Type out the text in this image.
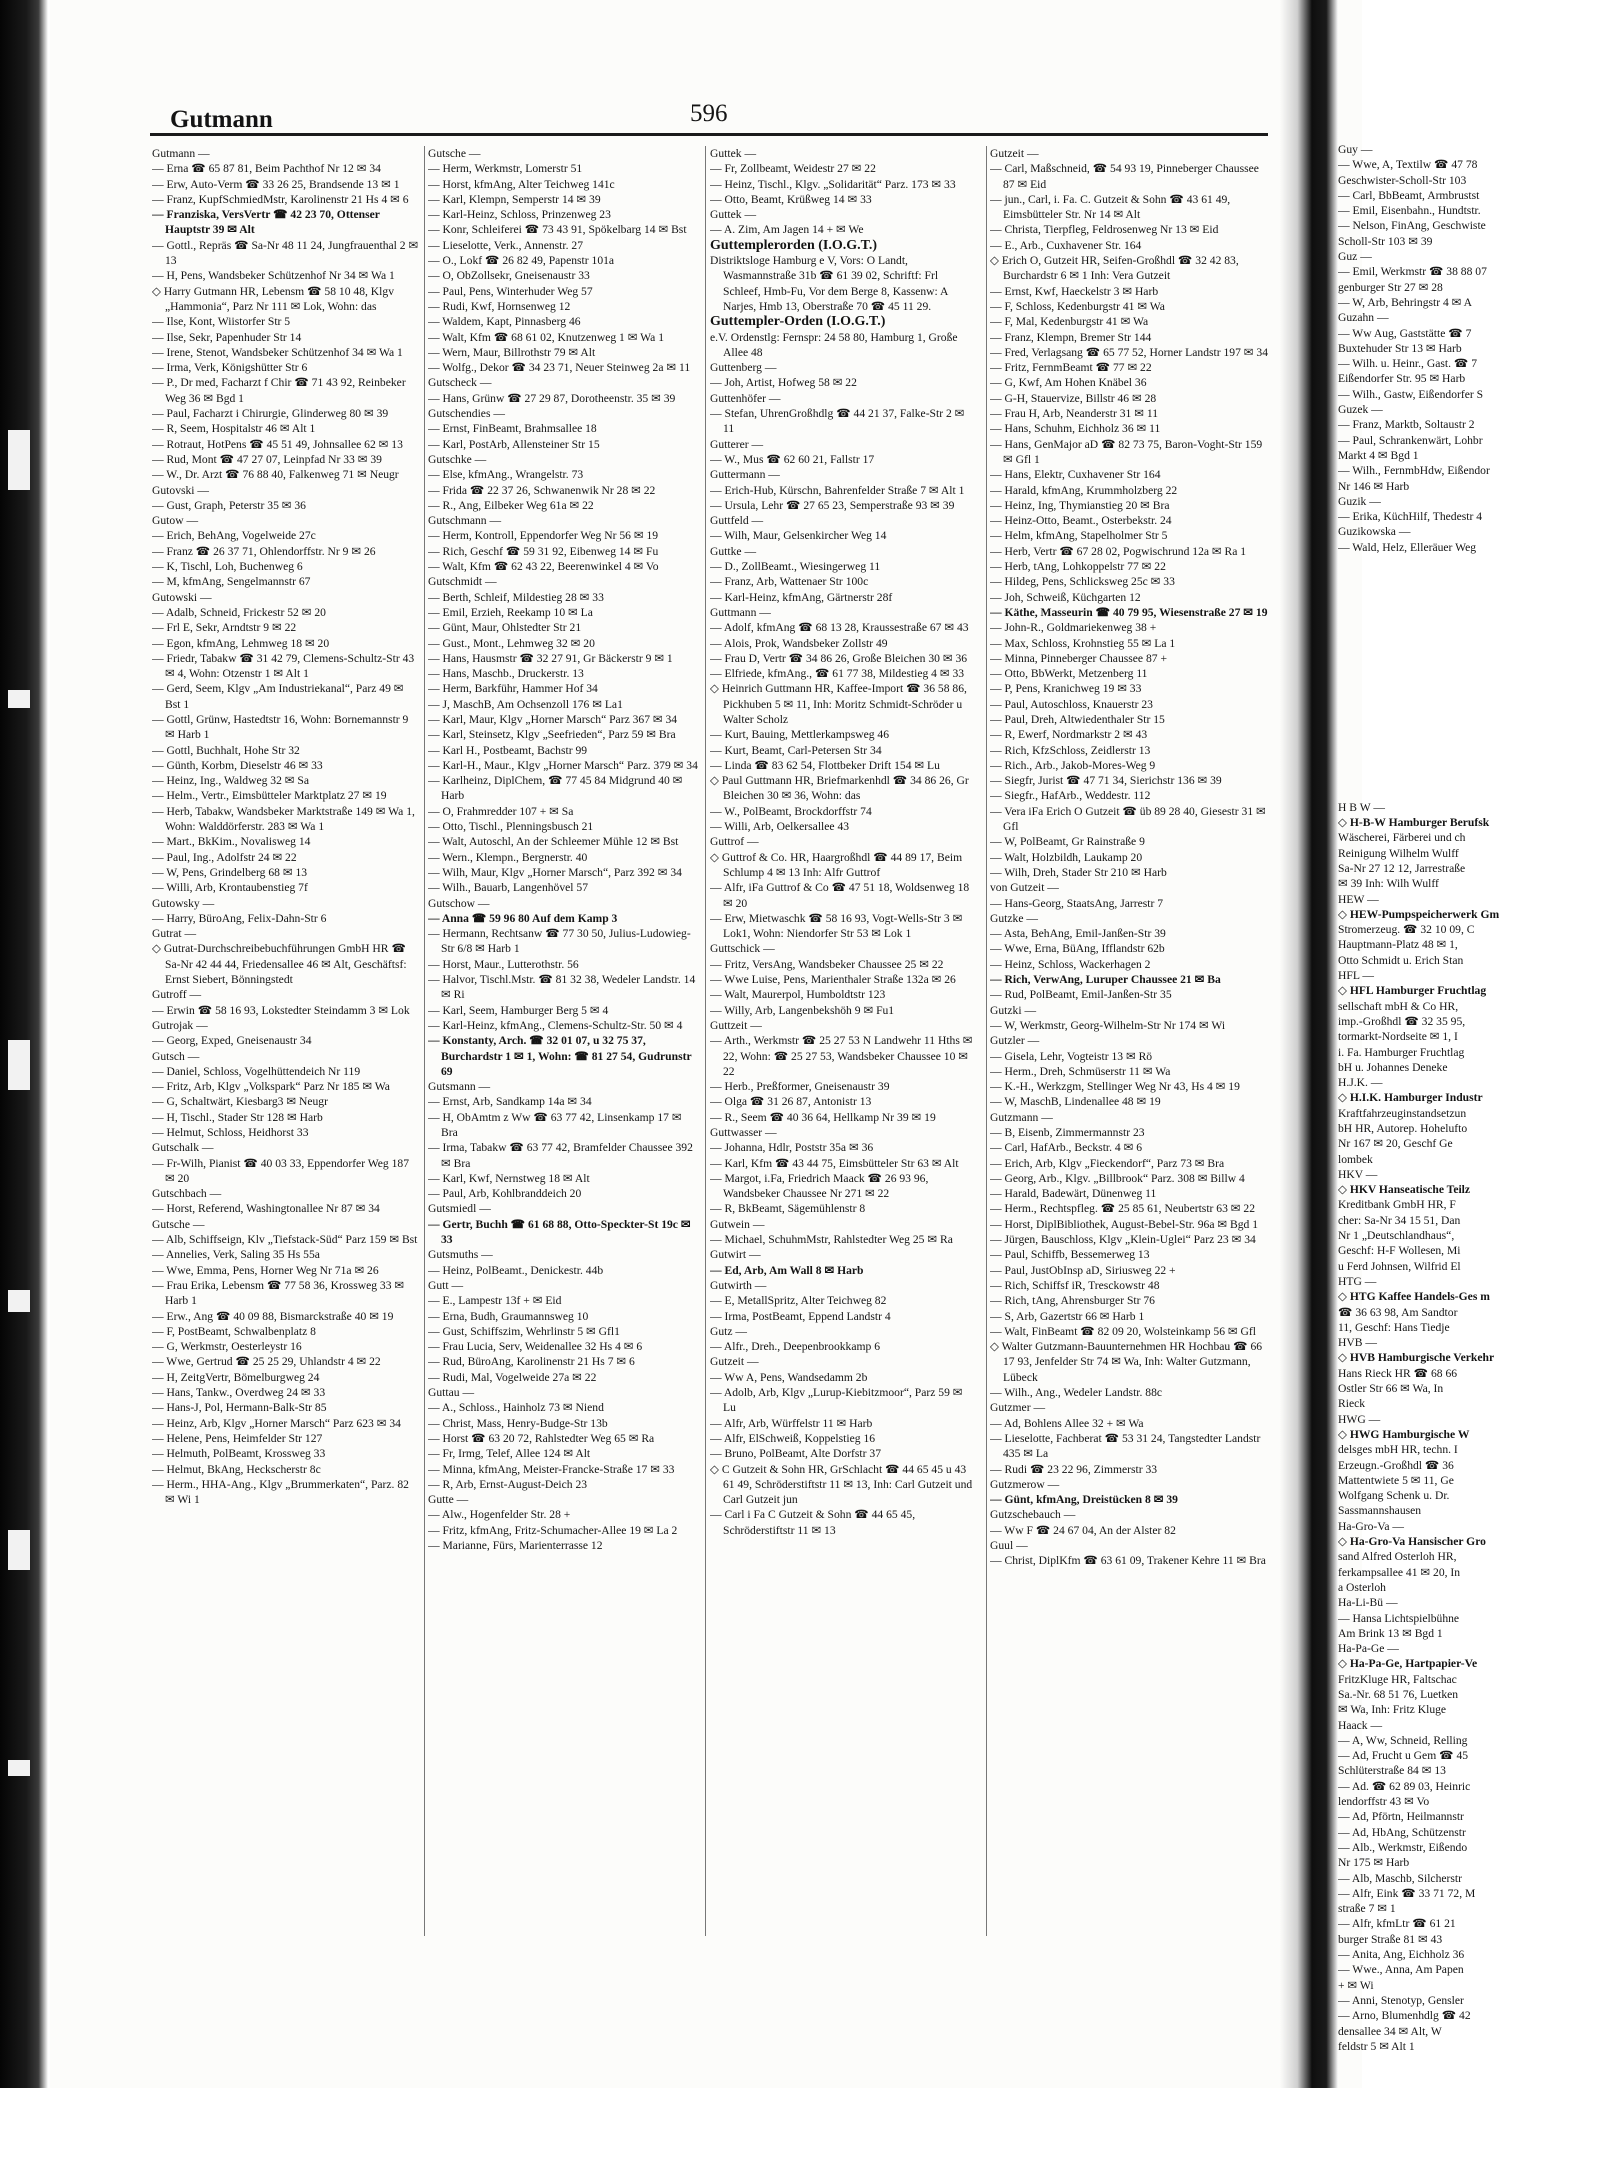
Gutmann	596

Gutmann —

— Erna ☎ 65 87 81, Beim Pachthof Nr 12 ✉ 34

— Erw, Auto-Verm ☎ 33 26 25, Brandsende 13 ✉ 1

— Franz, KupfSchmiedMstr, Karolinenstr 21 Hs 4 ✉ 6

— Franziska, VersVertr ☎ 42 23 70, Ottenser Hauptstr 39 ✉ Alt

— Gottl., Repräs ☎ Sa-Nr 48 11 24, Jungfrauenthal 2 ✉ 13

— H, Pens, Wandsbeker Schützenhof Nr 34 ✉ Wa 1

◇ Harry Gutmann HR, Lebensm ☎ 58 10 48, Klgv „Hammonia“, Parz Nr 111 ✉ Lok, Wohn: das

— Ilse, Kont, Wiistorfer Str 5

— Ilse, Sekr, Papenhuder Str 14

— Irene, Stenot, Wandsbeker Schützenhof 34 ✉ Wa 1

— Irma, Verk, Königshütter Str 6

— P., Dr med, Facharzt f Chir ☎ 71 43 92, Reinbeker Weg 36 ✉ Bgd 1

— Paul, Facharzt i Chirurgie, Glinderweg 80 ✉ 39

— R, Seem, Hospitalstr 46 ✉ Alt 1

— Rotraut, HotPens ☎ 45 51 49, Johnsallee 62 ✉ 13

— Rud, Mont ☎ 47 27 07, Leinpfad Nr 33 ✉ 39

— W., Dr. Arzt ☎ 76 88 40, Falkenweg 71 ✉ Neugr

Gutovski —

— Gust, Graph, Peterstr 35 ✉ 36

Gutow —

— Erich, BehAng, Vogelweide 27c

— Franz ☎ 26 37 71, Ohlendorffstr. Nr 9 ✉ 26

— K, Tischl, Loh, Buchenweg 6

— M, kfmAng, Sengelmannstr 67

Gutowski —

— Adalb, Schneid, Frickestr 52 ✉ 20

— Frl E, Sekr, Arndtstr 9 ✉ 22

— Egon, kfmAng, Lehmweg 18 ✉ 20

— Friedr, Tabakw ☎ 31 42 79, Clemens-Schultz-Str 43 ✉ 4, Wohn: Otzenstr 1 ✉ Alt 1

— Gerd, Seem, Klgv „Am Industriekanal“, Parz 49 ✉ Bst 1

— Gottl, Grünw, Hastedtstr 16, Wohn: Bornemannstr 9 ✉ Harb 1

— Gottl, Buchhalt, Hohe Str 32

— Günth, Korbm, Dieselstr 46 ✉ 33

— Heinz, Ing., Waldweg 32 ✉ Sa

— Helm., Vertr., Eimsbütteler Marktplatz 27 ✉ 19

— Herb, Tabakw, Wandsbeker Marktstraße 149 ✉ Wa 1, Wohn: Walddörferstr. 283 ✉ Wa 1

— Mart., BkKim., Novalisweg 14

— Paul, Ing., Adolfstr 24 ✉ 22

— W, Pens, Grindelberg 68 ✉ 13

— Willi, Arb, Krontaubenstieg 7f

Gutowsky —

— Harry, BüroAng, Felix-Dahn-Str 6

Gutrat —

◇ Gutrat-Durchschreibebuchführungen GmbH HR ☎ Sa-Nr 42 44 44, Friedensallee 46 ✉ Alt, Geschäftsf: Ernst Siebert, Bönningstedt

Gutroff —

— Erwin ☎ 58 16 93, Lokstedter Steindamm 3 ✉ Lok

Gutrojak —

— Georg, Exped, Gneisenaustr 34

Gutsch —

— Daniel, Schloss, Vogelhüttendeich Nr 119

— Fritz, Arb, Klgv „Volkspark“ Parz Nr 185 ✉ Wa

— G, Schaltwärt, Kiesbarg3 ✉ Neugr

— H, Tischl., Stader Str 128 ✉ Harb

— Helmut, Schloss, Heidhorst 33

Gutschalk —

— Fr-Wilh, Pianist ☎ 40 03 33, Eppendorfer Weg 187 ✉ 20

Gutschbach —

— Horst, Referend, Washingtonallee Nr 87 ✉ 34

Gutsche —

— Alb, Schiffseign, Klv „Tiefstack-Süd“ Parz 159 ✉ Bst

— Annelies, Verk, Saling 35 Hs 55a

— Wwe, Emma, Pens, Horner Weg Nr 71a ✉ 26

— Frau Erika, Lebensm ☎ 77 58 36, Krossweg 33 ✉ Harb 1

— Erw., Ang ☎ 40 09 88, Bismarckstraße 40 ✉ 19

— F, PostBeamt, Schwalbenplatz 8

— G, Werkmstr, Oesterleystr 16

— Wwe, Gertrud ☎ 25 25 29, Uhlandstr 4 ✉ 22

— H, ZeitgVertr, Bömelburgweg 24

— Hans, Tankw., Overdweg 24 ✉ 33

— Hans-J, Pol, Hermann-Balk-Str 85

— Heinz, Arb, Klgv „Horner Marsch“ Parz 623 ✉ 34

— Helene, Pens, Heimfelder Str 127

— Helmuth, PolBeamt, Krossweg 33

— Helmut, BkAng, Heckscherstr 8c

— Herm., HHA-Ang., Klgv „Brummerkaten“, Parz. 82 ✉ Wi 1

Gutsche —

— Herm, Werkmstr, Lomerstr 51

— Horst, kfmAng, Alter Teichweg 141c

— Karl, Klempn, Semperstr 14 ✉ 39

— Karl-Heinz, Schloss, Prinzenweg 23

— Konr, Schleiferei ☎ 73 43 91, Spökelbarg 14 ✉ Bst

— Lieselotte, Verk., Annenstr. 27

— O., Lokf ☎ 26 82 49, Papenstr 101a

— O, ObZollsekr, Gneisenaustr 33

— Paul, Pens, Winterhuder Weg 57

— Rudi, Kwf, Hornsenweg 12

— Waldem, Kapt, Pinnasberg 46

— Walt, Kfm ☎ 68 61 02, Knutzenweg 1 ✉ Wa 1

— Wern, Maur, Billrothstr 79 ✉ Alt

— Wolfg., Dekor ☎ 34 23 71, Neuer Steinweg 2a ✉ 11

Gutscheck —

— Hans, Grünw ☎ 27 29 87, Dorotheenstr. 35 ✉ 39

Gutschendies —

— Ernst, FinBeamt, Brahmsallee 18

— Karl, PostArb, Allensteiner Str 15

Gutschke —

— Else, kfmAng., Wrangelstr. 73

— Frida ☎ 22 37 26, Schwanenwik Nr 28 ✉ 22

— R., Ang, Eilbeker Weg 61a ✉ 22

Gutschmann —

— Herm, Kontroll, Eppendorfer Weg Nr 56 ✉ 19

— Rich, Geschf ☎ 59 31 92, Eibenweg 14 ✉ Fu

— Walt, Kfm ☎ 62 43 22, Beerenwinkel 4 ✉ Vo

Gutschmidt —

— Berth, Schleif, Mildestieg 28 ✉ 33

— Emil, Erzieh, Reekamp 10 ✉ La

— Günt, Maur, Ohlstedter Str 21

— Gust., Mont., Lehmweg 32 ✉ 20

— Hans, Hausmstr ☎ 32 27 91, Gr Bäckerstr 9 ✉ 1

— Hans, Maschb., Druckerstr. 13

— Herm, Barkführ, Hammer Hof 34

— J, MaschB, Am Ochsenzoll 176 ✉ La1

— Karl, Maur, Klgv „Horner Marsch“ Parz 367 ✉ 34

— Karl, Steinsetz, Klgv „Seefrieden“, Parz 59 ✉ Bra

— Karl H., Postbeamt, Bachstr 99

— Karl-H., Maur., Klgv „Horner Marsch“ Parz. 379 ✉ 34

— Karlheinz, DiplChem, ☎ 77 45 84 Midgrund 40 ✉ Harb

— O, Frahmredder 107 + ✉ Sa

— Otto, Tischl., Plenningsbusch 21

— Walt, Autoschl, An der Schleemer Mühle 12 ✉ Bst

— Wern., Klempn., Bergnerstr. 40

— Wilh, Maur, Klgv „Horner Marsch“, Parz 392 ✉ 34

— Wilh., Bauarb, Langenhövel 57

Gutschow —

— Anna ☎ 59 96 80 Auf dem Kamp 3

— Hermann, Rechtsanw ☎ 77 30 50, Julius-Ludowieg-Str 6/8 ✉ Harb 1

— Horst, Maur., Lutterothstr. 56

— Halvor, Tischl.Mstr. ☎ 81 32 38, Wedeler Landstr. 14 ✉ Ri

— Karl, Seem, Hamburger Berg 5 ✉ 4

— Karl-Heinz, kfmAng., Clemens-Schultz-Str. 50 ✉ 4

— Konstanty, Arch. ☎ 32 01 07, u 32 75 37, Burchardstr 1 ✉ 1, Wohn: ☎ 81 27 54, Gudrunstr 69

Gutsmann —

— Ernst, Arb, Sandkamp 14a ✉ 34

— H, ObAmtm z Ww ☎ 63 77 42, Linsenkamp 17 ✉ Bra

— Irma, Tabakw ☎ 63 77 42, Bramfelder Chaussee 392 ✉ Bra

— Karl, Kwf, Nernstweg 18 ✉ Alt

— Paul, Arb, Kohlbranddeich 20

Gutsmiedl —

— Gertr, Buchh ☎ 61 68 88, Otto-Speckter-St 19c ✉ 33

Gutsmuths —

— Heinz, PolBeamt., Denickestr. 44b

Gutt —

— E., Lampestr 13f + ✉ Eid

— Erna, Budh, Graumannsweg 10

— Gust, Schiffszim, Wehrlinstr 5 ✉ Gfl1

— Frau Lucia, Serv, Weidenallee 32 Hs 4 ✉ 6

— Rud, BüroAng, Karolinenstr 21 Hs 7 ✉ 6

— Rudi, Mal, Vogelweide 27a ✉ 22

Guttau —

— A., Schloss., Hainholz 73 ✉ Niend

— Christ, Mass, Henry-Budge-Str 13b

— Horst ☎ 63 20 72, Rahlstedter Weg 65 ✉ Ra

— Fr, Irmg, Telef, Allee 124 ✉ Alt

— Minna, kfmAng, Meister-Francke-Straße 17 ✉ 33

— R, Arb, Ernst-August-Deich 23

Gutte —

— Alw., Hogenfelder Str. 28 +

— Fritz, kfmAng, Fritz-Schumacher-Allee 19 ✉ La 2

— Marianne, Fürs, Marienterrasse 12

Guttek —

— Fr, Zollbeamt, Weidestr 27 ✉ 22

— Heinz, Tischl., Klgv. „Solidarität“ Parz. 173 ✉ 33

— Otto, Beamt, Krüßweg 14 ✉ 33

Guttek —

— A. Zim, Am Jagen 14 + ✉ We

Guttemplerorden (I.O.G.T.)

Distriktsloge Hamburg e V, Vors: O Landt, Wasmannstraße 31b ☎ 61 39 02, Schriftf: Frl Schleef, Hmb-Fu, Vor dem Berge 8, Kassenw: A Narjes, Hmb 13, Oberstraße 70 ☎ 45 11 29.

Guttempler-Orden (I.O.G.T.)

e.V. Ordenstlg: Fernspr: 24 58 80, Hamburg 1, Große Allee 48

Guttenberg —

— Joh, Artist, Hofweg 58 ✉ 22

Guttenhöfer —

— Stefan, UhrenGroßhdlg ☎ 44 21 37, Falke-Str 2 ✉ 11

Gutterer —

— W., Mus ☎ 62 60 21, Fallstr 17

Guttermann —

— Erich-Hub, Kürschn, Bahrenfelder Straße 7 ✉ Alt 1

— Ursula, Lehr ☎ 27 65 23, Semperstraße 93 ✉ 39

Guttfeld —

— Wilh, Maur, Gelsenkircher Weg 14

Guttke —

— D., ZollBeamt., Wiesingerweg 11

— Franz, Arb, Wattenaer Str 100c

— Karl-Heinz, kfmAng, Gärtnerstr 28f

Guttmann —

— Adolf, kfmAng ☎ 68 13 28, Kraussestraße 67 ✉ 43

— Alois, Prok, Wandsbeker Zollstr 49

— Frau D, Vertr ☎ 34 86 26, Große Bleichen 30 ✉ 36

— Elfriede, kfmAng., ☎ 61 77 38, Mildestieg 4 ✉ 33

◇ Heinrich Guttmann HR, Kaffee-Import ☎ 36 58 86, Pickhuben 5 ✉ 11, Inh: Moritz Schmidt-Schröder u Walter Scholz

— Kurt, Bauing, Mettlerkampsweg 46

— Kurt, Beamt, Carl-Petersen Str 34

— Linda ☎ 83 62 54, Flottbeker Drift 154 ✉ Lu

◇ Paul Guttmann HR, Briefmarkenhdl ☎ 34 86 26, Gr Bleichen 30 ✉ 36, Wohn: das

— W., PolBeamt, Brockdorffstr 74

— Willi, Arb, Oelkersallee 43

Guttrof —

◇ Guttrof & Co. HR, Haargroßhdl ☎ 44 89 17, Beim Schlump 4 ✉ 13 Inh: Alfr Guttrof

— Alfr, iFa Guttrof & Co ☎ 47 51 18, Woldsenweg 18 ✉ 20

— Erw, Mietwaschk ☎ 58 16 93, Vogt-Wells-Str 3 ✉ Lok1, Wohn: Niendorfer Str 53 ✉ Lok 1

Guttschick —

— Fritz, VersAng, Wandsbeker Chaussee 25 ✉ 22

— Wwe Luise, Pens, Marienthaler Straße 132a ✉ 26

— Walt, Maurerpol, Humboldtstr 123

— Willy, Arb, Langenbekshöh 9 ✉ Fu1

Guttzeit —

— Arth., Werkmstr ☎ 25 27 53 N Landwehr 11 Hths ✉ 22, Wohn: ☎ 25 27 53, Wandsbeker Chaussee 10 ✉ 22

— Herb., Preßformer, Gneisenaustr 39

— Olga ☎ 31 26 87, Antonistr 13

— R., Seem ☎ 40 36 64, Hellkamp Nr 39 ✉ 19

Guttwasser —

— Johanna, Hdlr, Poststr 35a ✉ 36

— Karl, Kfm ☎ 43 44 75, Eimsbütteler Str 63 ✉ Alt

— Margot, i.Fa, Friedrich Maack ☎ 26 93 96, Wandsbeker Chaussee Nr 271 ✉ 22

— R, BkBeamt, Sägemühlenstr 8

Gutwein —

— Michael, SchuhmMstr, Rahlstedter Weg 25 ✉ Ra

Gutwirt —

— Ed, Arb, Am Wall 8 ✉ Harb

Gutwirth —

— E, MetallSpritz, Alter Teichweg 82

— Irma, PostBeamt, Eppend Landstr 4

Gutz —

— Alfr., Dreh., Deepenbrookkamp 6

Gutzeit —

— Ww A, Pens, Wandsedamm 2b

— Adolb, Arb, Klgv „Lurup-Kiebitzmoor“, Parz 59 ✉ Lu

— Alfr, Arb, Würffelstr 11 ✉ Harb

— Alfr, ElSchweiß, Koppelstieg 16

— Bruno, PolBeamt, Alte Dorfstr 37

◇ C Gutzeit & Sohn HR, GrSchlacht ☎ 44 65 45 u 43 61 49, Schröderstiftstr 11 ✉ 13, Inh: Carl Gutzeit und Carl Gutzeit jun

— Carl i Fa C Gutzeit & Sohn ☎ 44 65 45, Schröderstiftstr 11 ✉ 13

Gutzeit —

— Carl, Maßschneid, ☎ 54 93 19, Pinneberger Chaussee 87 ✉ Eid

— jun., Carl, i. Fa. C. Gutzeit & Sohn ☎ 43 61 49, Eimsbütteler Str. Nr 14 ✉ Alt

— Christa, Tierpfleg, Feldrosenweg Nr 13 ✉ Eid

— E., Arb., Cuxhavener Str. 164

◇ Erich O, Gutzeit HR, Seifen-Großhdl ☎ 32 42 83, Burchardstr 6 ✉ 1 Inh: Vera Gutzeit

— Ernst, Kwf, Haeckelstr 3 ✉ Harb

— F, Schloss, Kedenburgstr 41 ✉ Wa

— F, Mal, Kedenburgstr 41 ✉ Wa

— Franz, Klempn, Bremer Str 144

— Fred, Verlagsang ☎ 65 77 52, Horner Landstr 197 ✉ 34

— Fritz, FernmBeamt ☎ 77 ✉ 22

— G, Kwf, Am Hohen Knäbel 36

— G-H, Stauervize, Billstr 46 ✉ 28

— Frau H, Arb, Neanderstr 31 ✉ 11

— Hans, Schuhm, Eichholz 36 ✉ 11

— Hans, GenMajor aD ☎ 82 73 75, Baron-Voght-Str 159 ✉ Gfl 1

— Hans, Elektr, Cuxhavener Str 164

— Harald, kfmAng, Krummholzberg 22

— Heinz, Ing, Thymianstieg 20 ✉ Bra

— Heinz-Otto, Beamt., Osterbekstr. 24

— Helm, kfmAng, Stapelholmer Str 5

— Herb, Vertr ☎ 67 28 02, Pogwischrund 12a ✉ Ra 1

— Herb, tAng, Lohkoppelstr 77 ✉ 22

— Hildeg, Pens, Schlicksweg 25c ✉ 33

— Joh, Schweiß, Küchgarten 12

— Käthe, Masseurin ☎ 40 79 95, Wiesenstraße 27 ✉ 19

— John-R., Goldmariekenweg 38 +

— Max, Schloss, Krohnstieg 55 ✉ La 1

— Minna, Pinneberger Chaussee 87 +

— Otto, BbWerkt, Metzenberg 11

— P, Pens, Kranichweg 19 ✉ 33

— Paul, Autoschloss, Knauerstr 23

— Paul, Dreh, Altwiedenthaler Str 15

— R, Ewerf, Nordmarkstr 2 ✉ 43

— Rich, KfzSchloss, Zeidlerstr 13

— Rich., Arb., Jakob-Mores-Weg 9

— Siegfr, Jurist ☎ 47 71 34, Sierichstr 136 ✉ 39

— Siegfr., HafArb., Weddestr. 112

— Vera iFa Erich O Gutzeit ☎ üb 89 28 40, Giesestr 31 ✉ Gfl

— W, PolBeamt, Gr Rainstraße 9

— Walt, Holzbildh, Laukamp 20

— Wilh, Dreh, Stader Str 210 ✉ Harb

von Gutzeit —

— Hans-Georg, StaatsAng, Jarrestr 7

Gutzke —

— Asta, BehAng, Emil-Janßen-Str 39

— Wwe, Erna, BüAng, Ifflandstr 62b

— Heinz, Schloss, Wackerhagen 2

— Rich, VerwAng, Luruper Chaussee 21 ✉ Ba

— Rud, PolBeamt, Emil-Janßen-Str 35

Gutzki —

— W, Werkmstr, Georg-Wilhelm-Str Nr 174 ✉ Wi

Gutzler —

— Gisela, Lehr, Vogteistr 13 ✉ Rö

— Herm., Dreh, Schmüserstr 11 ✉ Wa

— K.-H., Werkzgm, Stellinger Weg Nr 43, Hs 4 ✉ 19

— W, MaschB, Lindenallee 48 ✉ 19

Gutzmann —

— B, Eisenb, Zimmermannstr 23

— Carl, HafArb., Beckstr. 4 ✉ 6

— Erich, Arb, Klgv „Fieckendorf“, Parz 73 ✉ Bra

— Georg, Arb., Klgv. „Billbrook“ Parz. 308 ✉ Billw 4

— Harald, Badewärt, Dünenweg 11

— Herm., Rechtspfleg. ☎ 25 85 61, Neubertstr 63 ✉ 22

— Horst, DiplBibliothek, August-Bebel-Str. 96a ✉ Bgd 1

— Jürgen, Bauschloss, Klgv „Klein-Uglei“ Parz 23 ✉ 34

— Paul, Schiffb, Bessemerweg 13

— Paul, JustObInsp aD, Siriusweg 22 +

— Rich, Schiffsf iR, Tresckowstr 48

— Rich, tAng, Ahrensburger Str 76

— S, Arb, Gazertstr 66 ✉ Harb 1

— Walt, FinBeamt ☎ 82 09 20, Wolsteinkamp 56 ✉ Gfl

◇ Walter Gutzmann-Bauunternehmen HR Hochbau ☎ 66 17 93, Jenfelder Str 74 ✉ Wa, Inh: Walter Gutzmann, Lübeck

— Wilh., Ang., Wedeler Landstr. 88c

Gutzmer —

— Ad, Bohlens Allee 32 + ✉ Wa

— Lieselotte, Fachberat ☎ 53 31 24, Tangstedter Landstr 435 ✉ La

— Rudi ☎ 23 22 96, Zimmerstr 33

Gutzmerow —

— Günt, kfmAng, Dreistücken 8 ✉ 39

Gutzschebauch —

— Ww F ☎ 24 67 04, An der Alster 82

Guul —

— Christ, DiplKfm ☎ 63 61 09, Trakener Kehre 11 ✉ Bra

Guy —

— Wwe, A, Textilw ☎ 47 78

Geschwister-Scholl-Str 103

— Carl, BbBeamt, Armbrustst

— Emil, Eisenbahn., Hundtstr.

— Nelson, FinAng, Geschwiste

Scholl-Str 103 ✉ 39

Guz —

— Emil, Werkmstr ☎ 38 88 07

genburger Str 27 ✉ 28

— W, Arb, Behringstr 4 ✉ A

Guzahn —

— Ww Aug, Gaststätte ☎ 7

Buxtehuder Str 13 ✉ Harb

— Wilh. u. Heinr., Gast. ☎ 7

Eißendorfer Str. 95 ✉ Harb

— Wilh., Gastw, Eißendorfer S

Guzek —

— Franz, Marktb, Soltaustr 2

— Paul, Schrankenwärt, Lohbr

Markt 4 ✉ Bgd 1

— Wilh., FernmbHdw, Eißendor

Nr 146 ✉ Harb

Guzik —

— Erika, KüchHilf, Thedestr 4

Guzikowska —

— Wald, Helz, Elleräuer Weg

H B W —

◇ H-B-W Hamburger Berufsk

Wäscherei, Färberei und ch

Reinigung Wilhelm Wulff

Sa-Nr 27 12 12, Jarrestraße

✉ 39 Inh: Wilh Wulff

HEW —

◇ HEW-Pumpspeicherwerk Gm

Stromerzeug. ☎ 32 10 09, C

Hauptmann-Platz 48 ✉ 1,

Otto Schmidt u. Erich Stan

HFL —

◇ HFL Hamburger Fruchtlag

sellschaft mbH & Co HR,

imp.-Großhdl ☎ 32 35 95,

tormarkt-Nordseite ✉ 1, I

i. Fa. Hamburger Fruchtlag

bH u. Johannes Deneke

H.J.K. —

◇ H.I.K. Hamburger Industr

Kraftfahrzeuginstandsetzun

bH HR, Autorep. Hohelufto

Nr 167 ✉ 20, Geschf Ge

lombek

HKV —

◇ HKV Hanseatische Teilz

Kreditbank GmbH HR, F

cher: Sa-Nr 34 15 51, Dan

Nr 1 „Deutschlandhaus“,

Geschf: H-F Wollesen, Mi

u Ferd Johnsen, Wilfrid El

HTG —

◇ HTG Kaffee Handels-Ges m

☎ 36 63 98, Am Sandtor

11, Geschf: Hans Tiedje

HVB —

◇ HVB Hamburgische Verkehr

Hans Rieck HR ☎ 68 66

Ostler Str 66 ✉ Wa, In

Rieck

HWG —

◇ HWG Hamburgische W

delsges mbH HR, techn. I

Erzeugn.-Großhdl ☎ 36

Mattentwiete 5 ✉ 11, Ge

Wolfgang Schenk u. Dr.

Sassmannshausen

Ha-Gro-Va —

◇ Ha-Gro-Va Hansischer Gro

sand Alfred Osterloh HR,

ferkampsallee 41 ✉ 20, In

a Osterloh

Ha-Li-Bü —

— Hansa Lichtspielbühne

Am Brink 13 ✉ Bgd 1

Ha-Pa-Ge —

◇ Ha-Pa-Ge, Hartpapier-Ve

FritzKluge HR, Faltschac

Sa.-Nr. 68 51 76, Luetken

✉ Wa, Inh: Fritz Kluge

Haack —

— A, Ww, Schneid, Relling

— Ad, Frucht u Gem ☎ 45

Schlüterstraße 84 ✉ 13

— Ad. ☎ 62 89 03, Heinric

lendorffstr 43 ✉ Vo

— Ad, Pförtn, Heilmannstr

— Ad, HbAng, Schützenstr

— Alb., Werkmstr, Eißendo

Nr 175 ✉ Harb

— Alb, Maschb, Silcherstr

— Alfr, Eink ☎ 33 71 72, M

straße 7 ✉ 1

— Alfr, kfmLtr ☎ 61 21

burger Straße 81 ✉ 43

— Anita, Ang, Eichholz 36

— Wwe., Anna, Am Papen

+ ✉ Wi

— Anni, Stenotyp, Gensler

— Arno, Blumenhdlg ☎ 42

densallee 34 ✉ Alt, W

feldstr 5 ✉ Alt 1
